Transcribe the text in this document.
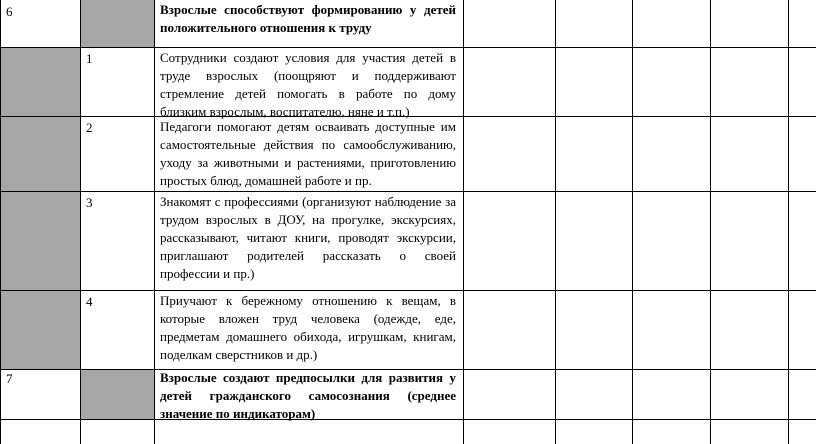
6	Взрослые способствуют формированию у детей положительного отношения к труду
1	Сотрудники создают условия для участия детей в труде взрослых (поощряют и поддерживают стремление детей помогать в работе по дому близким взрослым, воспитателю, няне и т.п.)
2	Педагоги помогают детям осваивать доступные им самостоятельные действия по самообслуживанию, уходу за животными и растениями, приготовлению простых блюд, домашней работе и пр.
3	Знакомят с профессиями (организуют наблюдение за трудом взрослых в ДОУ, на прогулке, экскурсиях, рассказывают, читают книги, проводят экскурсии, приглашают родителей рассказать о своей профессии и пр.)
4	Приучают к бережному отношению к вещам, в которые вложен труд человека (одежде, еде, предметам домашнего обихода, игрушкам, книгам, поделкам сверстников и др.)
7	Взрослые создают предпосылки для развития у детей гражданского самосознания (среднее значение по индикаторам)
